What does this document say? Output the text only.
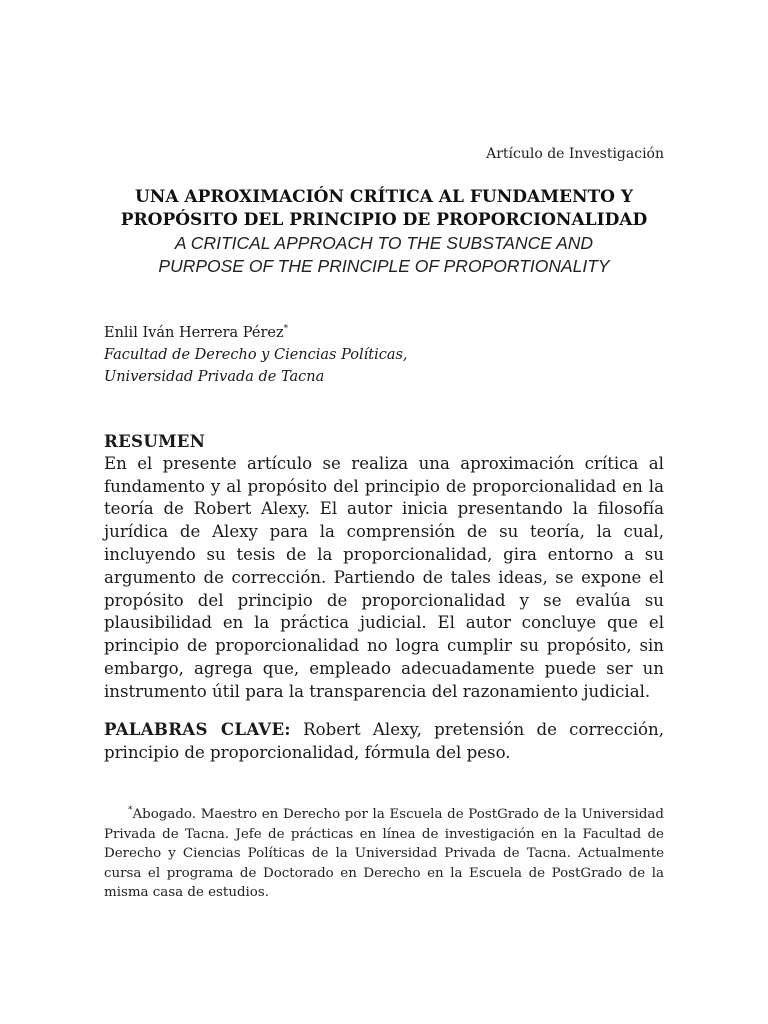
Artículo de Investigación
UNA APROXIMACIÓN CRÍTICA AL FUNDAMENTO Y
PROPÓSITO DEL PRINCIPIO DE PROPORCIONALIDAD
A CRITICAL APPROACH TO THE SUBSTANCE AND
PURPOSE OF THE PRINCIPLE OF PROPORTIONALITY
Enlil Iván Herrera Pérez*
Facultad de Derecho y Ciencias Políticas,
Universidad Privada de Tacna
RESUMEN
En el presente artículo se realiza una aproximación crítica al fundamento y al propósito del principio de proporcionalidad en la teoría de Robert Alexy. El autor inicia presentando la filosofía jurídica de Alexy para la comprensión de su teoría, la cual, incluyendo su tesis de la proporcionalidad, gira entorno a su argumento de corrección. Partiendo de tales ideas, se expone el propósito del principio de proporcionalidad y se evalúa su plausibilidad en la práctica judicial. El autor concluye que el principio de proporcionalidad no logra cumplir su propósito, sin embargo, agrega que, empleado adecuadamente puede ser un instrumento útil para la transparencia del razonamiento judicial.
PALABRAS CLAVE: Robert Alexy, pretensión de corrección, principio de proporcionalidad, fórmula del peso.
*Abogado. Maestro en Derecho por la Escuela de PostGrado de la Universidad Privada de Tacna. Jefe de prácticas en línea de investigación en la Facultad de Derecho y Ciencias Políticas de la Universidad Privada de Tacna. Actualmente cursa el programa de Doctorado en Derecho en la Escuela de PostGrado de la misma casa de estudios.
